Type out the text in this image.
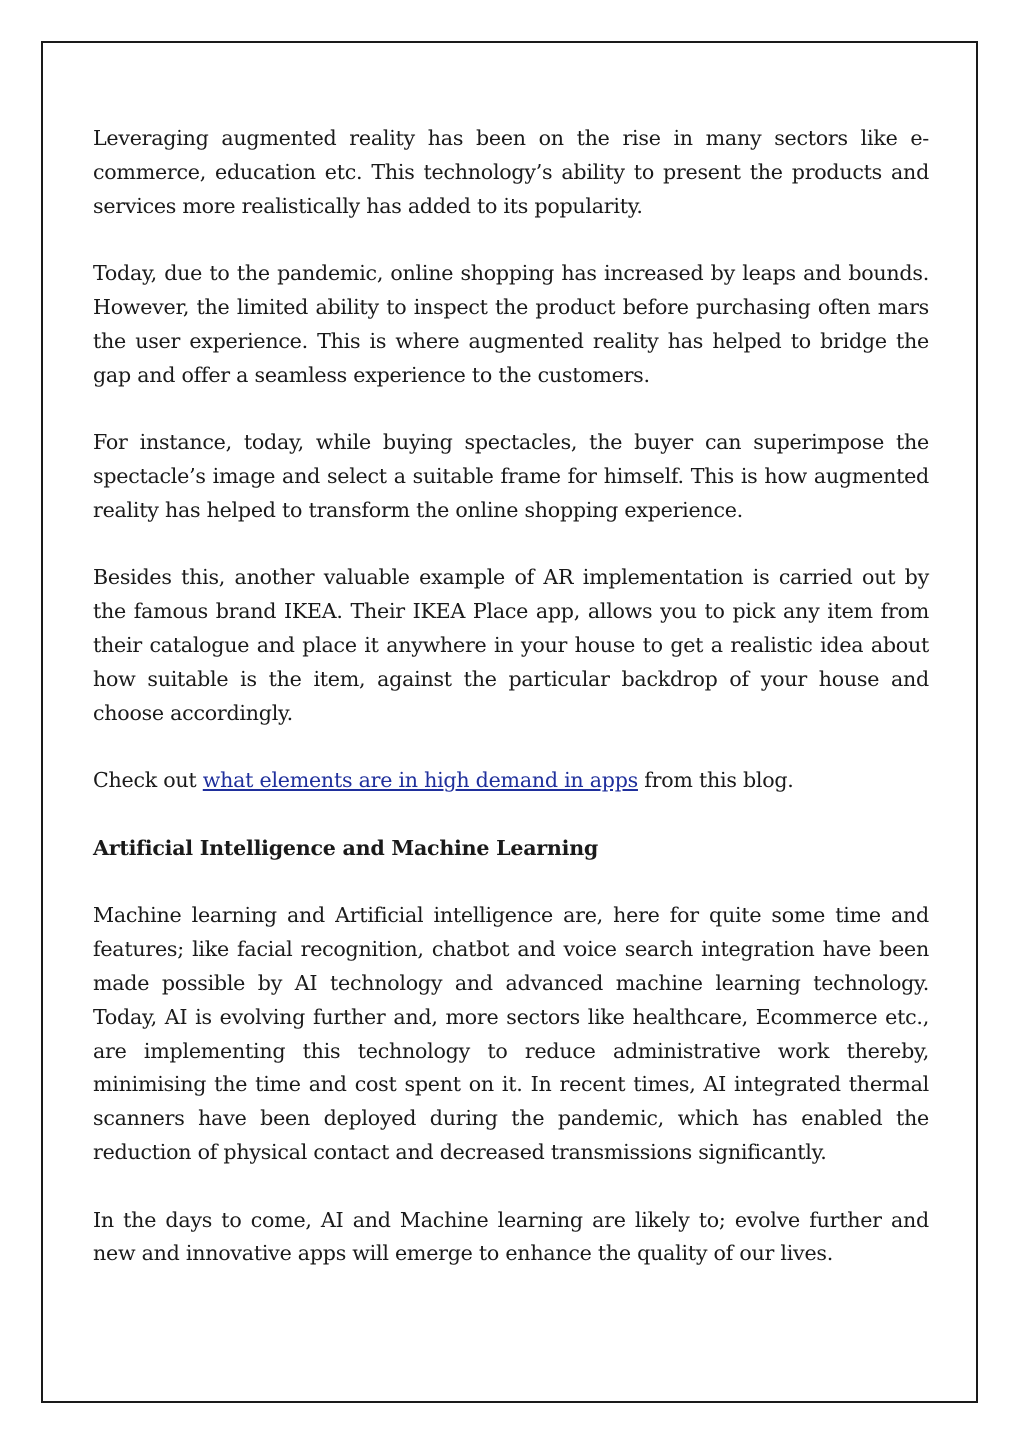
Leveraging augmented reality has been on the rise in many sectors like e-commerce, education etc. This technology’s ability to present the products and services more realistically has added to its popularity.

Today, due to the pandemic, online shopping has increased by leaps and bounds. However, the limited ability to inspect the product before purchasing often mars the user experience. This is where augmented reality has helped to bridge the gap and offer a seamless experience to the customers.

For instance, today, while buying spectacles, the buyer can superimpose the spectacle’s image and select a suitable frame for himself. This is how augmented reality has helped to transform the online shopping experience.

Besides this, another valuable example of AR implementation is carried out by the famous brand IKEA. Their IKEA Place app, allows you to pick any item from their catalogue and place it anywhere in your house to get a realistic idea about how suitable is the item, against the particular backdrop of your house and choose accordingly.

Check out what elements are in high demand in apps from this blog.

Artificial Intelligence and Machine Learning

Machine learning and Artificial intelligence are, here for quite some time and features; like facial recognition, chatbot and voice search integration have been made possible by AI technology and advanced machine learning technology. Today, AI is evolving further and, more sectors like healthcare, Ecommerce etc., are implementing this technology to reduce administrative work thereby, minimising the time and cost spent on it. In recent times, AI integrated thermal scanners have been deployed during the pandemic, which has enabled the reduction of physical contact and decreased transmissions significantly.

In the days to come, AI and Machine learning are likely to; evolve further and new and innovative apps will emerge to enhance the quality of our lives.
